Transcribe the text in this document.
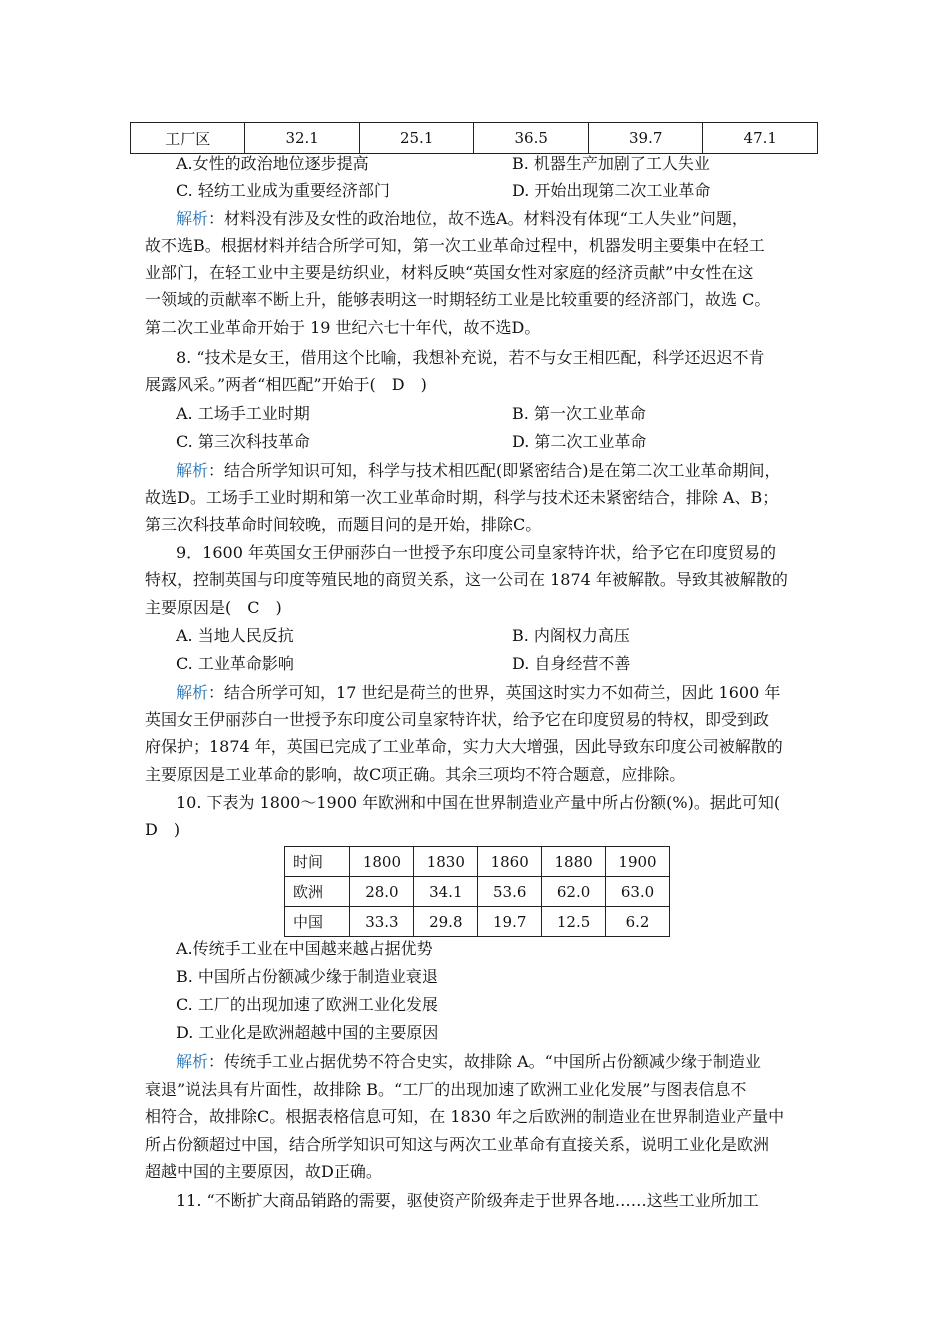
工厂区	32.1	25.1	36.5	39.7	47.1
A.女性的政治地位逐步提高	B. 机器生产加剧了工人失业
C. 轻纺工业成为重要经济部门	D. 开始出现第二次工业革命
解析：材料没有涉及女性的政治地位，故不选A。材料没有体现“工人失业”问题，
故不选B。根据材料并结合所学可知，第一次工业革命过程中，机器发明主要集中在轻工
业部门，在轻工业中主要是纺织业，材料反映“英国女性对家庭的经济贡献”中女性在这
一领域的贡献率不断上升，能够表明这一时期轻纺工业是比较重要的经济部门，故选 C。
第二次工业革命开始于 19 世纪六七十年代，故不选D。
8. “技术是女王，借用这个比喻，我想补充说，若不与女王相匹配，科学还迟迟不肯
展露风采。”两者“相匹配”开始于(　D　)
A. 工场手工业时期	B. 第一次工业革命
C. 第三次科技革命	D. 第二次工业革命
解析：结合所学知识可知，科学与技术相匹配(即紧密结合)是在第二次工业革命期间，
故选D。工场手工业时期和第一次工业革命时期，科学与技术还未紧密结合，排除 A、B；
第三次科技革命时间较晚，而题目问的是开始，排除C。
9．1600 年英国女王伊丽莎白一世授予东印度公司皇家特许状，给予它在印度贸易的
特权，控制英国与印度等殖民地的商贸关系，这一公司在 1874 年被解散。导致其被解散的
主要原因是(　C　)
A. 当地人民反抗	B. 内阁权力高压
C. 工业革命影响	D. 自身经营不善
解析：结合所学可知，17 世纪是荷兰的世界，英国这时实力不如荷兰，因此 1600 年
英国女王伊丽莎白一世授予东印度公司皇家特许状，给予它在印度贸易的特权，即受到政
府保护；1874 年，英国已完成了工业革命，实力大大增强，因此导致东印度公司被解散的
主要原因是工业革命的影响，故C项正确。其余三项均不符合题意，应排除。
10. 下表为 1800～1900 年欧洲和中国在世界制造业产量中所占份额(%)。据此可知(
D　)
时间	1800	1830	1860	1880	1900
欧洲	28.0	34.1	53.6	62.0	63.0
中国	33.3	29.8	19.7	12.5	6.2
A.传统手工业在中国越来越占据优势
B. 中国所占份额减少缘于制造业衰退
C. 工厂的出现加速了欧洲工业化发展
D. 工业化是欧洲超越中国的主要原因
解析：传统手工业占据优势不符合史实，故排除 A。“中国所占份额减少缘于制造业
衰退”说法具有片面性，故排除 B。“工厂的出现加速了欧洲工业化发展”与图表信息不
相符合，故排除C。根据表格信息可知，在 1830 年之后欧洲的制造业在世界制造业产量中
所占份额超过中国，结合所学知识可知这与两次工业革命有直接关系，说明工业化是欧洲
超越中国的主要原因，故D正确。
11. “不断扩大商品销路的需要，驱使资产阶级奔走于世界各地……这些工业所加工
